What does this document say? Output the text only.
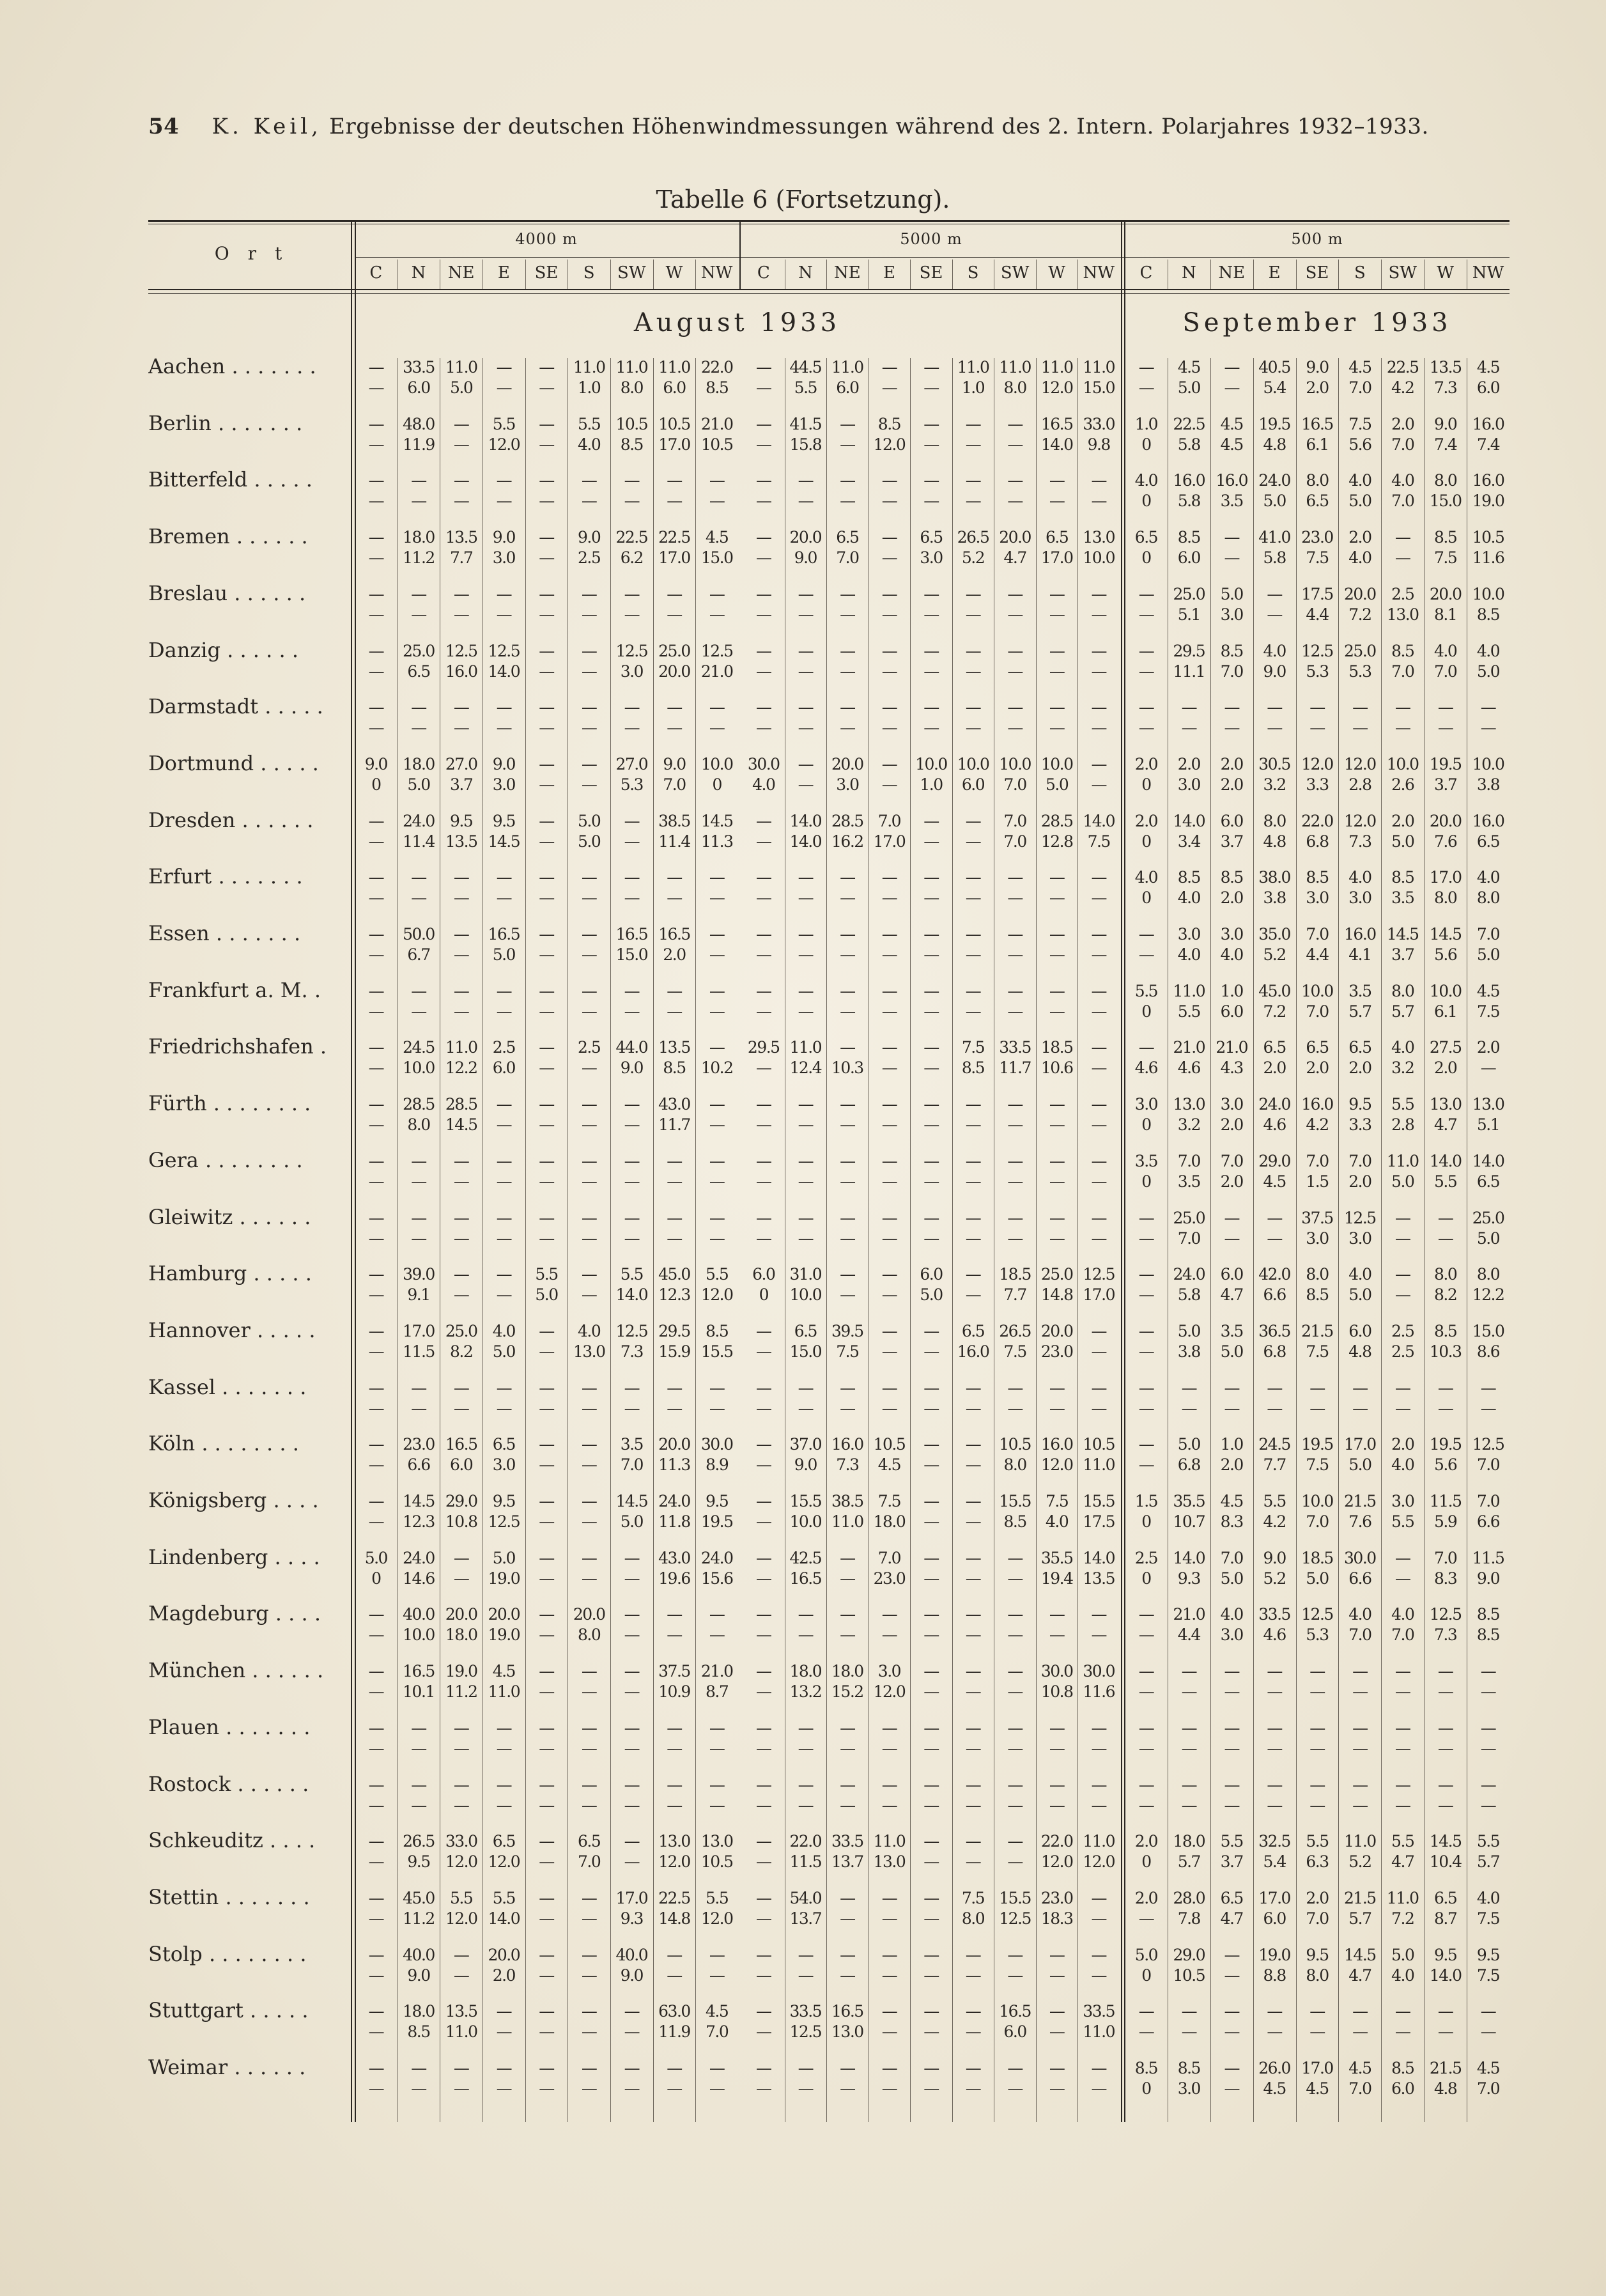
54 K. Keil, Ergebnisse der deutschen Höhenwindmessungen während des 2. Intern. Polarjahres 1932–1933.
Tabelle 6 (Fortsetzung).
O r t
4000 m
C	N	NE	E	SE	S	SW	W	NW
5000 m
C	N	NE	E	SE	S	SW	W	NW
500 m
C	N	NE	E	SE	S	SW	W	NW
August 1933	September 1933
Aachen . . . . . . .	—	33.5 11.0	—	—	11.0 11.0 11.0 22.0	—	44.5 11.0	—	—	11.0 11.0 11.0 11.0	—	4.5	—	40.5 9.0	4.5 22.5 13.5 4.5
—	6.0	5.0	—	—	1.0	8.0	6.0	8.5	—	5.5	6.0	—	—	1.0	8.0 12.0 15.0	—	5.0	—	5.4	2.0	7.0	4.2	7.3	6.0
Berlin . . . . . . .	—	48.0	—	5.5	—	5.5 10.5 10.5 21.0	—	41.5	—	8.5	—	—	—	16.5 33.0	1.0 22.5 4.5 19.5 16.5 7.5	2.0	9.0 16.0
—	11.9	—	12.0	—	4.0	8.5 17.0 10.5	—	15.8	—	12.0	—	—	—	14.0 9.8	0	5.8	4.5	4.8	6.1	5.6	7.0	7.4	7.4
Bitterfeld . . . . .	—	—	—	—	—	—	—	—	—	—	—	—	—	—	—	—	—	—	4.0 16.0 16.0 24.0 8.0	4.0	4.0	8.0 16.0
—	—	—	—	—	—	—	—	—	—	—	—	—	—	—	—	—	—	0	5.8	3.5	5.0	6.5	5.0	7.0 15.0 19.0
Bremen . . . . . .	—	18.0 13.5 9.0	—	9.0 22.5 22.5 4.5	—	20.0 6.5	—	6.5 26.5 20.0 6.5 13.0	6.5	8.5	—	41.0 23.0 2.0	—	8.5 10.5
—	11.2 7.7	3.0	—	2.5	6.2 17.0 15.0	—	9.0	7.0	—	3.0	5.2	4.7 17.0 10.0	0	6.0	—	5.8	7.5	4.0	—	7.5 11.6
Breslau . . . . . .	—	—	—	—	—	—	—	—	—	—	—	—	—	—	—	—	—	—	—	25.0 5.0	—	17.5 20.0 2.5 20.0 10.0
—	—	—	—	—	—	—	—	—	—	—	—	—	—	—	—	—	—	—	5.1	3.0	—	4.4	7.2 13.0 8.1	8.5
Danzig . . . . . .	—	25.0 12.5 12.5	—	—	12.5 25.0 12.5	—	—	—	—	—	—	—	—	—	—	29.5 8.5	4.0 12.5 25.0 8.5	4.0	4.0
—	6.5 16.0 14.0	—	—	3.0 20.0 21.0	—	—	—	—	—	—	—	—	—	—	11.1 7.0	9.0	5.3	5.3	7.0	7.0	5.0
Darmstadt . . . . .	—	—	—	—	—	—	—	—	—	—	—	—	—	—	—	—	—	—	—	—	—	—	—	—	—	—	—
—	—	—	—	—	—	—	—	—	—	—	—	—	—	—	—	—	—	—	—	—	—	—	—	—	—	—
Dortmund . . . . .	9.0 18.0 27.0 9.0	—	—	27.0 9.0 10.0 30.0	—	20.0	—	10.0 10.0 10.0 10.0	—	2.0	2.0	2.0 30.5 12.0 12.0 10.0 19.5 10.0
0	5.0	3.7	3.0	—	—	5.3	7.0	0	4.0	—	3.0	—	1.0	6.0	7.0	5.0	—	0	3.0	2.0	3.2	3.3	2.8	2.6	3.7	3.8
Dresden . . . . . .	—	24.0 9.5	9.5	—	5.0	—	38.5 14.5	—	14.0 28.5 7.0	—	—	7.0 28.5 14.0	2.0 14.0 6.0	8.0 22.0 12.0 2.0 20.0 16.0
—	11.4 13.5 14.5	—	5.0	—	11.4 11.3	—	14.0 16.2 17.0	—	—	7.0 12.8 7.5	0	3.4	3.7	4.8	6.8	7.3	5.0	7.6	6.5
Erfurt . . . . . . .	—	—	—	—	—	—	—	—	—	—	—	—	—	—	—	—	—	—	4.0	8.5	8.5 38.0 8.5	4.0	8.5 17.0 4.0
—	—	—	—	—	—	—	—	—	—	—	—	—	—	—	—	—	—	0	4.0	2.0	3.8	3.0	3.0	3.5	8.0	8.0
Essen . . . . . . .	—	50.0	—	16.5	—	—	16.5 16.5	—	—	—	—	—	—	—	—	—	—	—	3.0	3.0 35.0 7.0 16.0 14.5 14.5 7.0
—	6.7	—	5.0	—	—	15.0 2.0	—	—	—	—	—	—	—	—	—	—	—	4.0	4.0	5.2	4.4	4.1	3.7	5.6	5.0
Frankfurt a. M. .	—	—	—	—	—	—	—	—	—	—	—	—	—	—	—	—	—	—	5.5 11.0 1.0 45.0 10.0 3.5	8.0 10.0 4.5
—	—	—	—	—	—	—	—	—	—	—	—	—	—	—	—	—	—	0	5.5	6.0	7.2	7.0	5.7	5.7	6.1	7.5
Friedrichshafen .	—	24.5 11.0 2.5	—	2.5 44.0 13.5	—	29.5 11.0	—	—	—	7.5 33.5 18.5	—	—	21.0 21.0 6.5	6.5	6.5	4.0 27.5 2.0
—	10.0 12.2 6.0	—	—	9.0	8.5 10.2	—	12.4 10.3	—	—	8.5 11.7 10.6	—	4.6	4.6	4.3	2.0	2.0	2.0	3.2	2.0	—
Fürth . . . . . . . .	—	28.5 28.5	—	—	—	—	43.0	—	—	—	—	—	—	—	—	—	—	3.0 13.0 3.0 24.0 16.0 9.5	5.5 13.0 13.0
—	8.0 14.5	—	—	—	—	11.7	—	—	—	—	—	—	—	—	—	—	0	3.2	2.0	4.6	4.2	3.3	2.8	4.7	5.1
Gera . . . . . . . .	—	—	—	—	—	—	—	—	—	—	—	—	—	—	—	—	—	—	3.5	7.0	7.0 29.0 7.0	7.0 11.0 14.0 14.0
—	—	—	—	—	—	—	—	—	—	—	—	—	—	—	—	—	—	0	3.5	2.0	4.5	1.5	2.0	5.0	5.5	6.5
Gleiwitz . . . . . .	—	—	—	—	—	—	—	—	—	—	—	—	—	—	—	—	—	—	—	25.0	—	—	37.5 12.5	—	—	25.0
—	—	—	—	—	—	—	—	—	—	—	—	—	—	—	—	—	—	—	7.0	—	—	3.0	3.0	—	—	5.0
Hamburg . . . . .	—	39.0	—	—	5.5	—	5.5 45.0 5.5	6.0 31.0	—	—	6.0	—	18.5 25.0 12.5	—	24.0 6.0 42.0 8.0	4.0	—	8.0	8.0
—	9.1	—	—	5.0	—	14.0 12.3 12.0	0	10.0	—	—	5.0	—	7.7 14.8 17.0	—	5.8	4.7	6.6	8.5	5.0	—	8.2 12.2
Hannover . . . . .	—	17.0 25.0 4.0	—	4.0 12.5 29.5 8.5	—	6.5 39.5	—	—	6.5 26.5 20.0	—	—	5.0	3.5 36.5 21.5 6.0	2.5	8.5 15.0
—	11.5 8.2	5.0	—	13.0 7.3 15.9 15.5	—	15.0 7.5	—	—	16.0 7.5 23.0	—	—	3.8	5.0	6.8	7.5	4.8	2.5 10.3 8.6
Kassel . . . . . . .	—	—	—	—	—	—	—	—	—	—	—	—	—	—	—	—	—	—	—	—	—	—	—	—	—	—	—
—	—	—	—	—	—	—	—	—	—	—	—	—	—	—	—	—	—	—	—	—	—	—	—	—	—	—
Köln . . . . . . . .	—	23.0 16.5 6.5	—	—	3.5 20.0 30.0	—	37.0 16.0 10.5	—	—	10.5 16.0 10.5	—	5.0	1.0 24.5 19.5 17.0 2.0 19.5 12.5
—	6.6	6.0	3.0	—	—	7.0 11.3 8.9	—	9.0	7.3	4.5	—	—	8.0 12.0 11.0	—	6.8	2.0	7.7	7.5	5.0	4.0	5.6	7.0
Königsberg . . . .	—	14.5 29.0 9.5	—	—	14.5 24.0 9.5	—	15.5 38.5 7.5	—	—	15.5 7.5 15.5	1.5 35.5 4.5	5.5 10.0 21.5 3.0 11.5 7.0
—	12.3 10.8 12.5	—	—	5.0 11.8 19.5	—	10.0 11.0 18.0	—	—	8.5	4.0 17.5	0	10.7 8.3	4.2	7.0	7.6	5.5	5.9	6.6
Lindenberg . . . .	5.0 24.0	—	5.0	—	—	—	43.0 24.0	—	42.5	—	7.0	—	—	—	35.5 14.0	2.5 14.0 7.0	9.0 18.5 30.0	—	7.0 11.5
0	14.6	—	19.0	—	—	—	19.6 15.6	—	16.5	—	23.0	—	—	—	19.4 13.5	0	9.3	5.0	5.2	5.0	6.6	—	8.3	9.0
Magdeburg . . . .	—	40.0 20.0 20.0	—	20.0	—	—	—	—	—	—	—	—	—	—	—	—	—	21.0 4.0 33.5 12.5 4.0	4.0 12.5 8.5
—	10.0 18.0 19.0	—	8.0	—	—	—	—	—	—	—	—	—	—	—	—	—	4.4	3.0	4.6	5.3	7.0	7.0	7.3	8.5
München . . . . . .	—	16.5 19.0 4.5	—	—	—	37.5 21.0	—	18.0 18.0 3.0	—	—	—	30.0 30.0	—	—	—	—	—	—	—	—	—
—	10.1 11.2 11.0	—	—	—	10.9 8.7	—	13.2 15.2 12.0	—	—	—	10.8 11.6	—	—	—	—	—	—	—	—	—
Plauen . . . . . . .	—	—	—	—	—	—	—	—	—	—	—	—	—	—	—	—	—	—	—	—	—	—	—	—	—	—	—
—	—	—	—	—	—	—	—	—	—	—	—	—	—	—	—	—	—	—	—	—	—	—	—	—	—	—
Rostock . . . . . .	—	—	—	—	—	—	—	—	—	—	—	—	—	—	—	—	—	—	—	—	—	—	—	—	—	—	—
—	—	—	—	—	—	—	—	—	—	—	—	—	—	—	—	—	—	—	—	—	—	—	—	—	—	—
Schkeuditz . . . .	—	26.5 33.0 6.5	—	6.5	—	13.0 13.0	—	22.0 33.5 11.0	—	—	—	22.0 11.0	2.0 18.0 5.5 32.5 5.5 11.0 5.5 14.5 5.5
—	9.5 12.0 12.0	—	7.0	—	12.0 10.5	—	11.5 13.7 13.0	—	—	—	12.0 12.0	0	5.7	3.7	5.4	6.3	5.2	4.7 10.4 5.7
Stettin . . . . . . .	—	45.0 5.5	5.5	—	—	17.0 22.5 5.5	—	54.0	—	—	—	7.5 15.5 23.0	—	2.0 28.0 6.5 17.0 2.0 21.5 11.0 6.5	4.0
—	11.2 12.0 14.0	—	—	9.3 14.8 12.0	—	13.7	—	—	—	8.0 12.5 18.3	—	—	7.8	4.7	6.0	7.0	5.7	7.2	8.7	7.5
Stolp . . . . . . . .	—	40.0	—	20.0	—	—	40.0	—	—	—	—	—	—	—	—	—	—	—	5.0 29.0	—	19.0 9.5 14.5 5.0	9.5	9.5
—	9.0	—	2.0	—	—	9.0	—	—	—	—	—	—	—	—	—	—	—	0	10.5	—	8.8	8.0	4.7	4.0 14.0 7.5
Stuttgart . . . . .	—	18.0 13.5	—	—	—	—	63.0 4.5	—	33.5 16.5	—	—	—	16.5	—	33.5	—	—	—	—	—	—	—	—	—
—	8.5 11.0	—	—	—	—	11.9 7.0	—	12.5 13.0	—	—	—	6.0	—	11.0	—	—	—	—	—	—	—	—	—
Weimar . . . . . .	—	—	—	—	—	—	—	—	—	—	—	—	—	—	—	—	—	—	8.5	8.5	—	26.0 17.0 4.5	8.5 21.5 4.5
—	—	—	—	—	—	—	—	—	—	—	—	—	—	—	—	—	—	0	3.0	—	4.5	4.5	7.0	6.0	4.8	7.0
